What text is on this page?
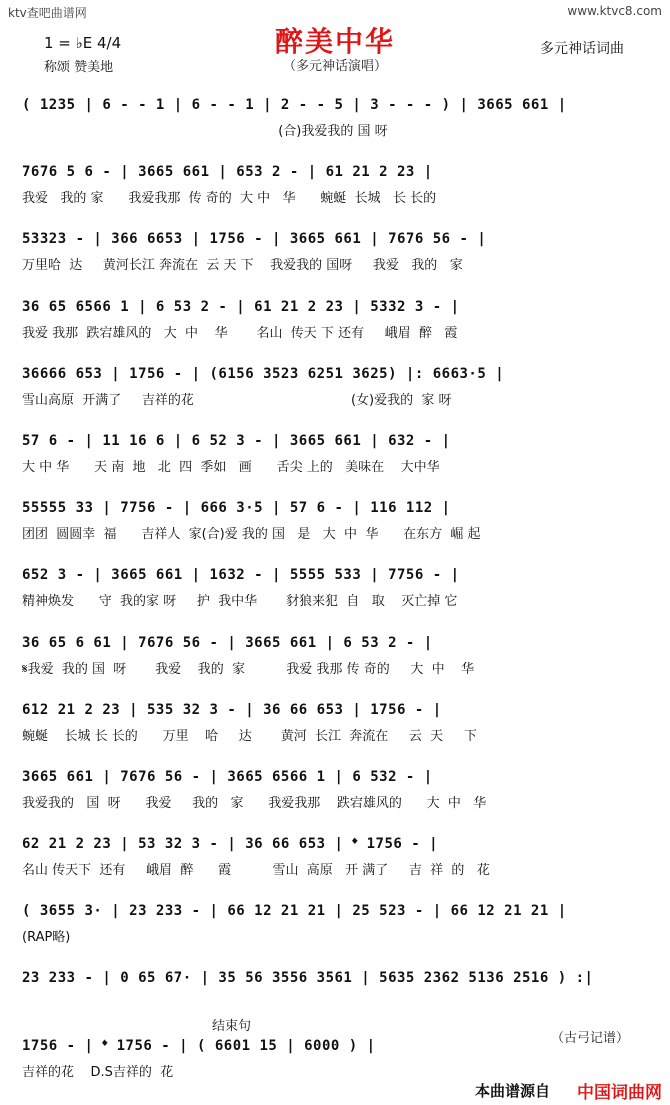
ktv查吧曲谱网	www.ktvc8.com
醉美中华
（多元神话演唱）
1 = ♭E 4/4
称颂 赞美地
多元神话词曲
( 1235 | 6 - - 1 | 6 - - 1 | 2 - - 5 | 3 - - - ) | 3665 661 |
(合)我爱我的 国 呀
7676 5 6 - | 3665 661 | 653 2 - | 61 21 2 23 |
我爱   我的 家      我爱我那  传 奇的  大 中   华      蜿蜒  长城   长 长的
53323 - | 366 6653 | 1756 - | 3665 661 | 7676 56 - |
万里哈  达     黄河长江 奔流在  云 天 下    我爱我的 国呀     我爱   我的   家
36 65 6566 1 | 6 53 2 - | 61 21 2 23 | 5332 3 - |
我爱 我那  跌宕雄风的   大  中    华       名山  传天 下 还有     峨眉  醉   霞
36666 653 | 1756 - | (6156 3523 6251 3625) |: 6663·5 |
雪山高原  开满了     吉祥的花                                      (女)爱我的  家 呀
57 6 - | 11 16 6 | 6 52 3 - | 3665 661 | 632 - |
大 中 华      天 南  地   北  四  季如   画      舌尖 上的   美味在    大中华
55555 33 | 7756 - | 666 3·5 | 57 6 - | 116 112 |
团团  圆圆幸  福      吉祥人  家(合)爱 我的 国   是   大  中  华      在东方  崛 起
652 3 - | 3665 661 | 1632 - | 5555 533 | 7756 - |
精神焕发      守  我的家 呀     护  我中华       豺狼来犯  自   取    灭亡掉 它
36 65 6 61 | 7676 56 - | 3665 661 | 6 53 2 - |
𝄋我爱  我的 国  呀       我爱    我的  家          我爱 我那 传 奇的     大  中    华
612 21 2 23 | 535 32 3 - | 36 66 653 | 1756 - |
蜿蜒    长城 长 长的      万里    哈     达       黄河  长江  奔流在     云  天     下
3665 661 | 7676 56 - | 3665 6566 1 | 6 532 - |
我爱我的   国  呀      我爱     我的   家      我爱我那    跌宕雄风的      大  中   华
62 21 2 23 | 53 32 3 - | 36 66 653 | 𝄌 1756 - |
名山 传天下  还有     峨眉  醉      霞          雪山  高原   开 满了     吉  祥  的   花
( 3655 3· | 23 233 - | 66 12 21 21 | 25 523 - | 66 12 21 21 |
(RAP略)
23 233 - | 0 65 67· | 35 56 3556 3561 | 5635 2362 5136 2516 ) :|
结束句
1756 - | 𝄌 1756 - | ( 6601 15 | 6000 ) |
吉祥的花    D.S吉祥的  花
（古弓记谱）
本曲谱源自 中国词曲网
